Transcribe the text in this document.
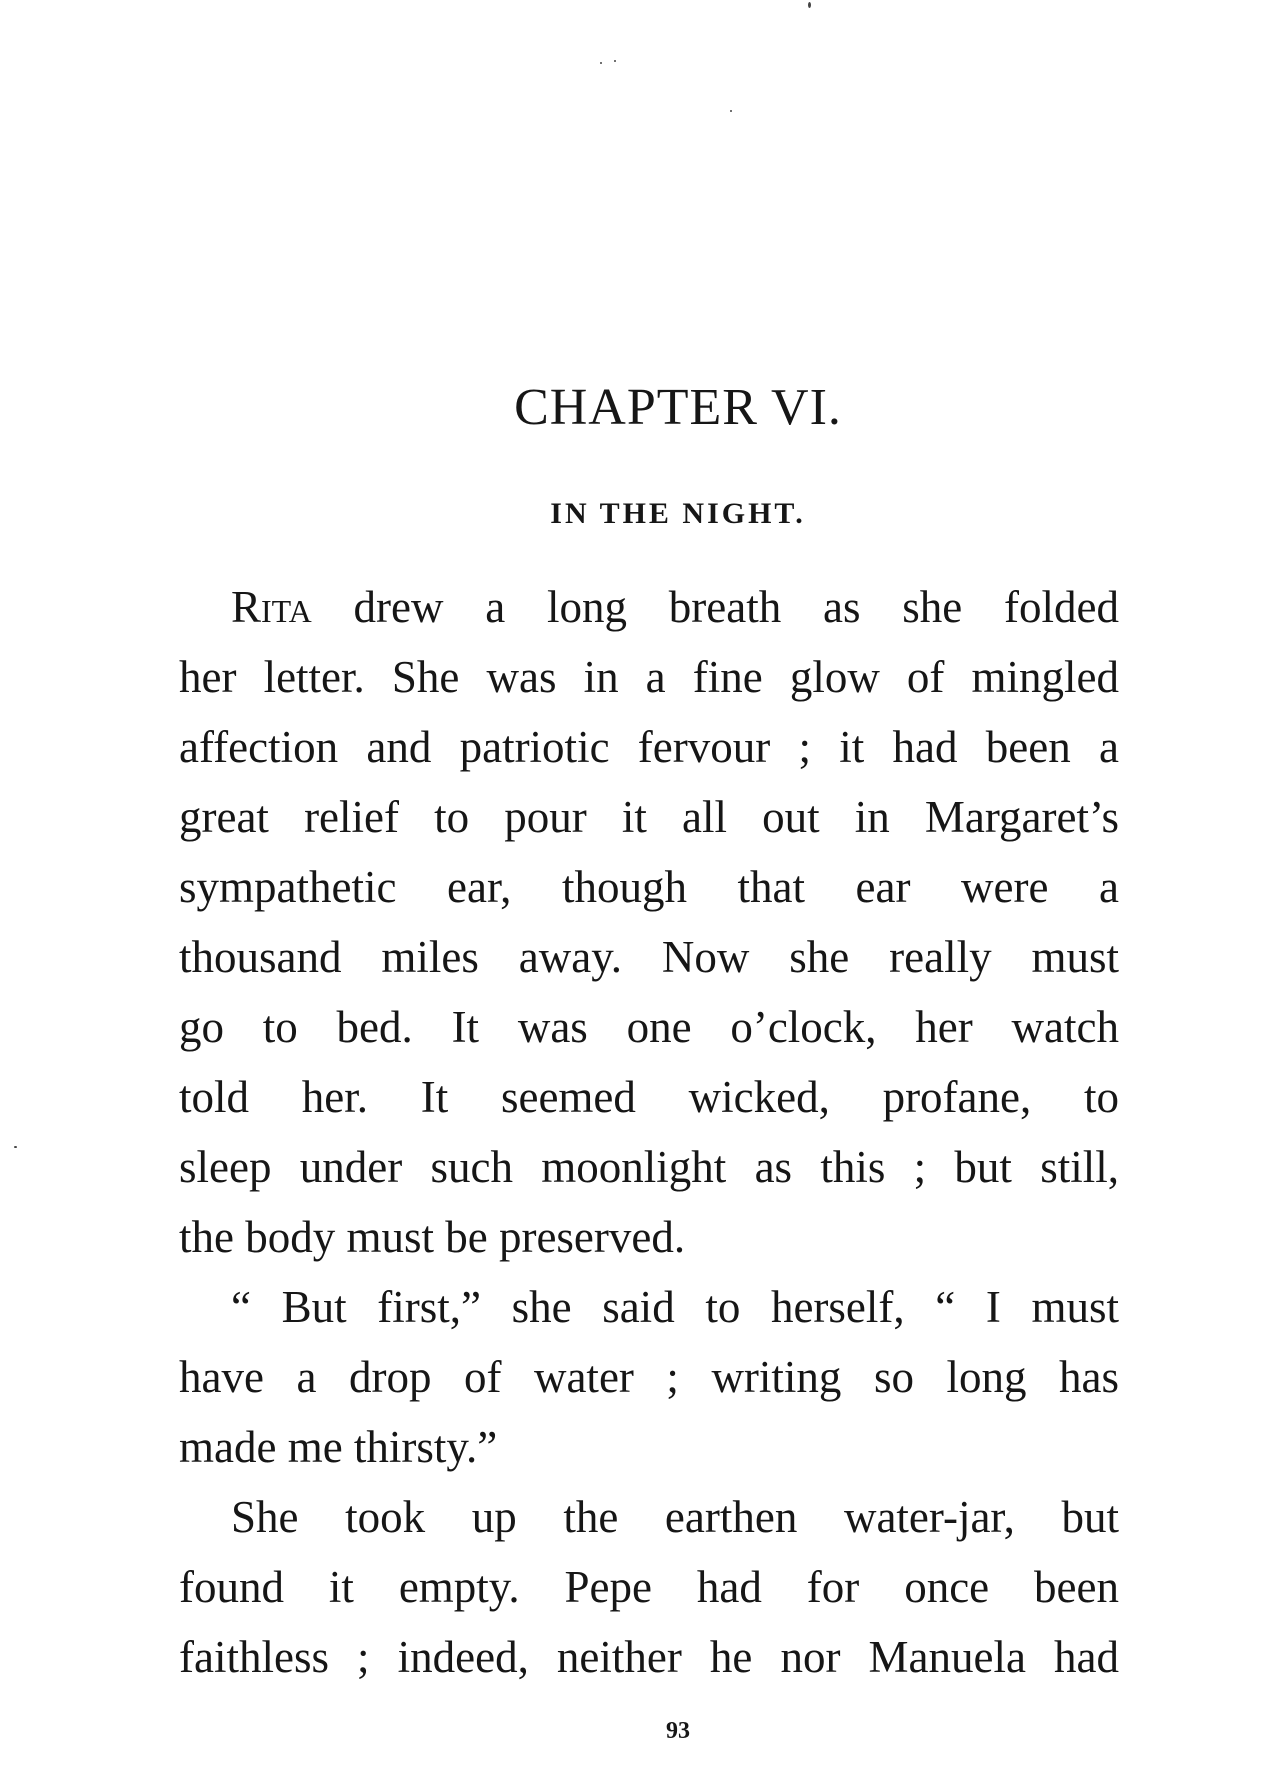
CHAPTER VI.
IN THE NIGHT.
Rita drew a long breath as she folded
her letter. She was in a fine glow of mingled
affection and patriotic fervour ; it had been a
great relief to pour it all out in Margaret’s
sympathetic ear, though that ear were a
thousand miles away. Now she really must
go to bed. It was one o’clock, her watch
told her. It seemed wicked, profane, to
sleep under such moonlight as this ; but still,
the body must be preserved.
“ But first,” she said to herself, “ I must
have a drop of water ; writing so long has
made me thirsty.”
She took up the earthen water-jar, but
found it empty. Pepe had for once been
faithless ; indeed, neither he nor Manuela had
93
